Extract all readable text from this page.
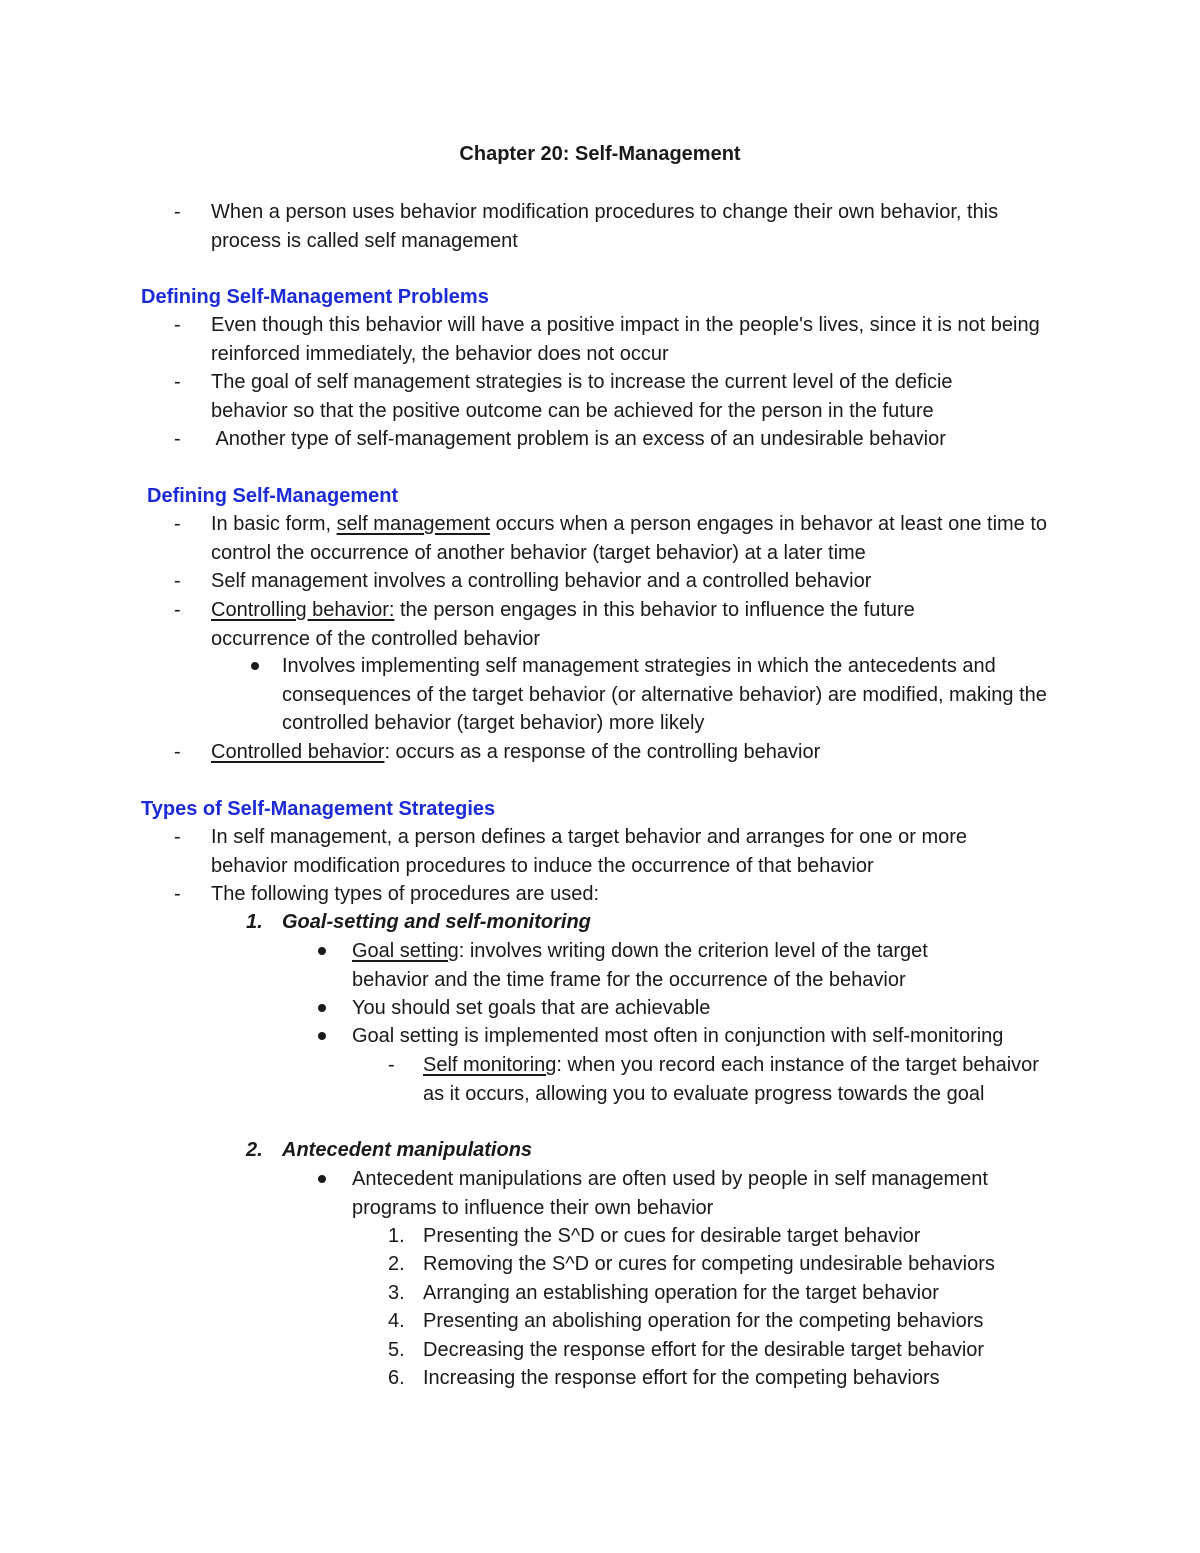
Chapter 20: Self-Management
- When a person uses behavior modification procedures to change their own behavior, this process is called self management
Defining Self-Management Problems
- Even though this behavior will have a positive impact in the people's lives, since it is not being reinforced immediately, the behavior does not occur
- The goal of self management strategies is to increase the current level of the deficie behavior so that the positive outcome can be achieved for the person in the future
- Another type of self-management problem is an excess of an undesirable behavior
Defining Self-Management
- In basic form, self management occurs when a person engages in behavor at least one time to control the occurrence of another behavior (target behavior) at a later time
- Self management involves a controlling behavior and a controlled behavior
- Controlling behavior: the person engages in this behavior to influence the future occurrence of the controlled behavior
Involves implementing self management strategies in which the antecedents and consequences of the target behavior (or alternative behavior) are modified, making the controlled behavior (target behavior) more likely
- Controlled behavior: occurs as a response of the controlling behavior
Types of Self-Management Strategies
- In self management, a person defines a target behavior and arranges for one or more behavior modification procedures to induce the occurrence of that behavior
- The following types of procedures are used:
1. Goal-setting and self-monitoring
Goal setting: involves writing down the criterion level of the target behavior and the time frame for the occurrence of the behavior
You should set goals that are achievable
Goal setting is implemented most often in conjunction with self-monitoring
- Self monitoring: when you record each instance of the target behaivor as it occurs, allowing you to evaluate progress towards the goal
2. Antecedent manipulations
Antecedent manipulations are often used by people in self management programs to influence their own behavior
1. Presenting the S^D or cues for desirable target behavior
2. Removing the S^D or cures for competing undesirable behaviors
3. Arranging an establishing operation for the target behavior
4. Presenting an abolishing operation for the competing behaviors
5. Decreasing the response effort for the desirable target behavior
6. Increasing the response effort for the competing behaviors
